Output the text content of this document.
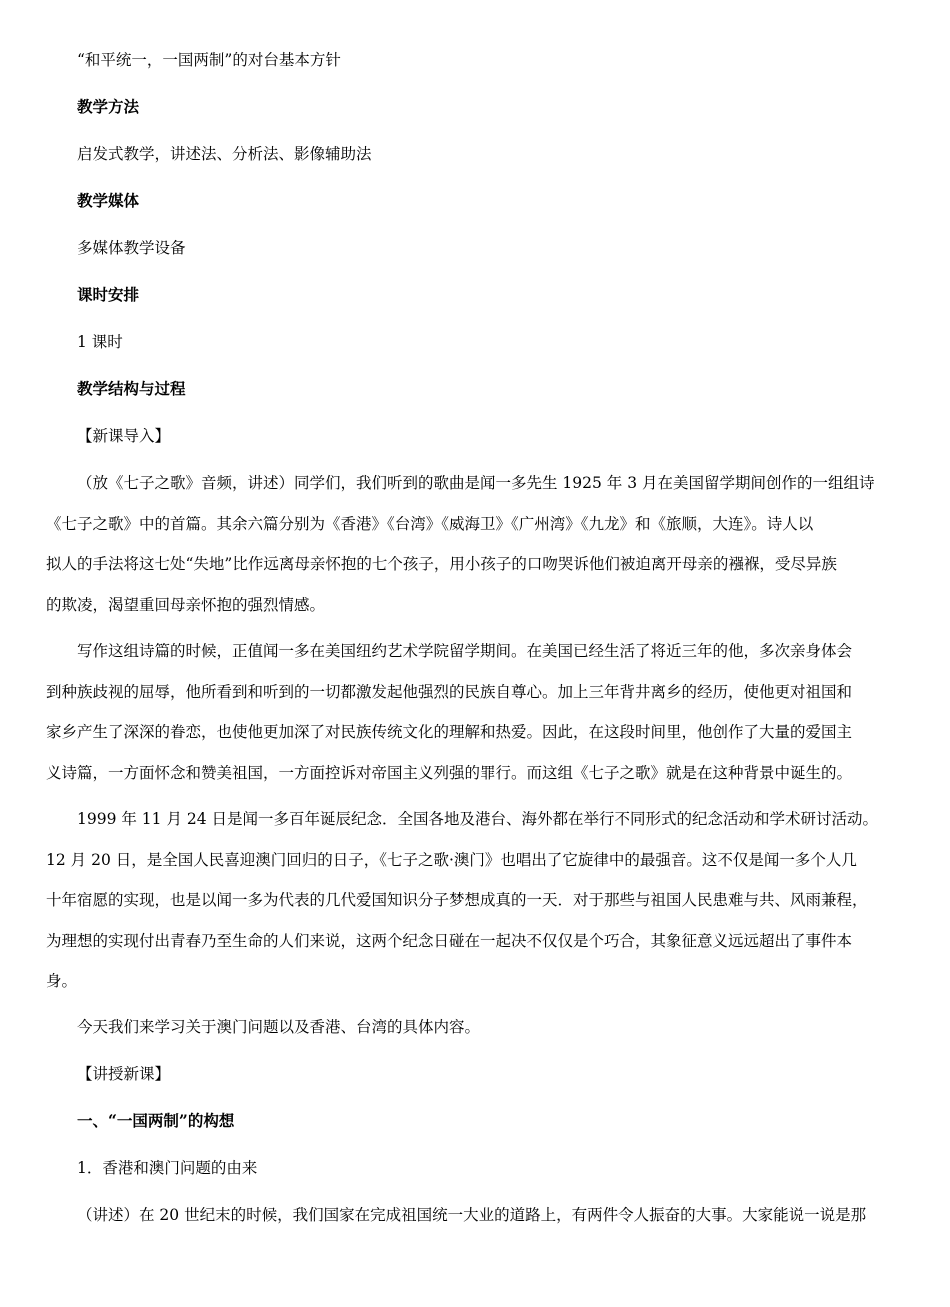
“和平统一，一国两制”的对台基本方针
教学方法
启发式教学，讲述法、分析法、影像辅助法
教学媒体
多媒体教学设备
课时安排
1 课时
教学结构与过程
【新课导入】
（放《七子之歌》音频，讲述）同学们，我们听到的歌曲是闻一多先生 1925 年 3 月在美国留学期间创作的一组组诗
《七子之歌》中的首篇。其余六篇分别为《香港》《台湾》《威海卫》《广州湾》《九龙》和《旅顺，大连》。诗人以
拟人的手法将这七处“失地”比作远离母亲怀抱的七个孩子，用小孩子的口吻哭诉他们被迫离开母亲的襁褓，受尽异族
的欺凌，渴望重回母亲怀抱的强烈情感。
写作这组诗篇的时候，正值闻一多在美国纽约艺术学院留学期间。在美国已经生活了将近三年的他，多次亲身体会
到种族歧视的屈辱，他所看到和听到的一切都激发起他强烈的民族自尊心。加上三年背井离乡的经历，使他更对祖国和
家乡产生了深深的眷恋，也使他更加深了对民族传统文化的理解和热爱。因此，在这段时间里，他创作了大量的爱国主
义诗篇，一方面怀念和赞美祖国，一方面控诉对帝国主义列强的罪行。而这组《七子之歌》就是在这种背景中诞生的。
1999 年 11 月 24 日是闻一多百年诞辰纪念．全国各地及港台、海外都在举行不同形式的纪念活动和学术研讨活动。
12 月 20 日，是全国人民喜迎澳门回归的日子，《七子之歌·澳门》也唱出了它旋律中的最强音。这不仅是闻一多个人几
十年宿愿的实现，也是以闻一多为代表的几代爱国知识分子梦想成真的一天．对于那些与祖国人民患难与共、风雨兼程，
为理想的实现付出青春乃至生命的人们来说，这两个纪念日碰在一起决不仅仅是个巧合，其象征意义远远超出了事件本
身。
今天我们来学习关于澳门问题以及香港、台湾的具体内容。
【讲授新课】
一、“一国两制”的构想
1．香港和澳门问题的由来
（讲述）在 20 世纪末的时候，我们国家在完成祖国统一大业的道路上，有两件令人振奋的大事。大家能说一说是那
